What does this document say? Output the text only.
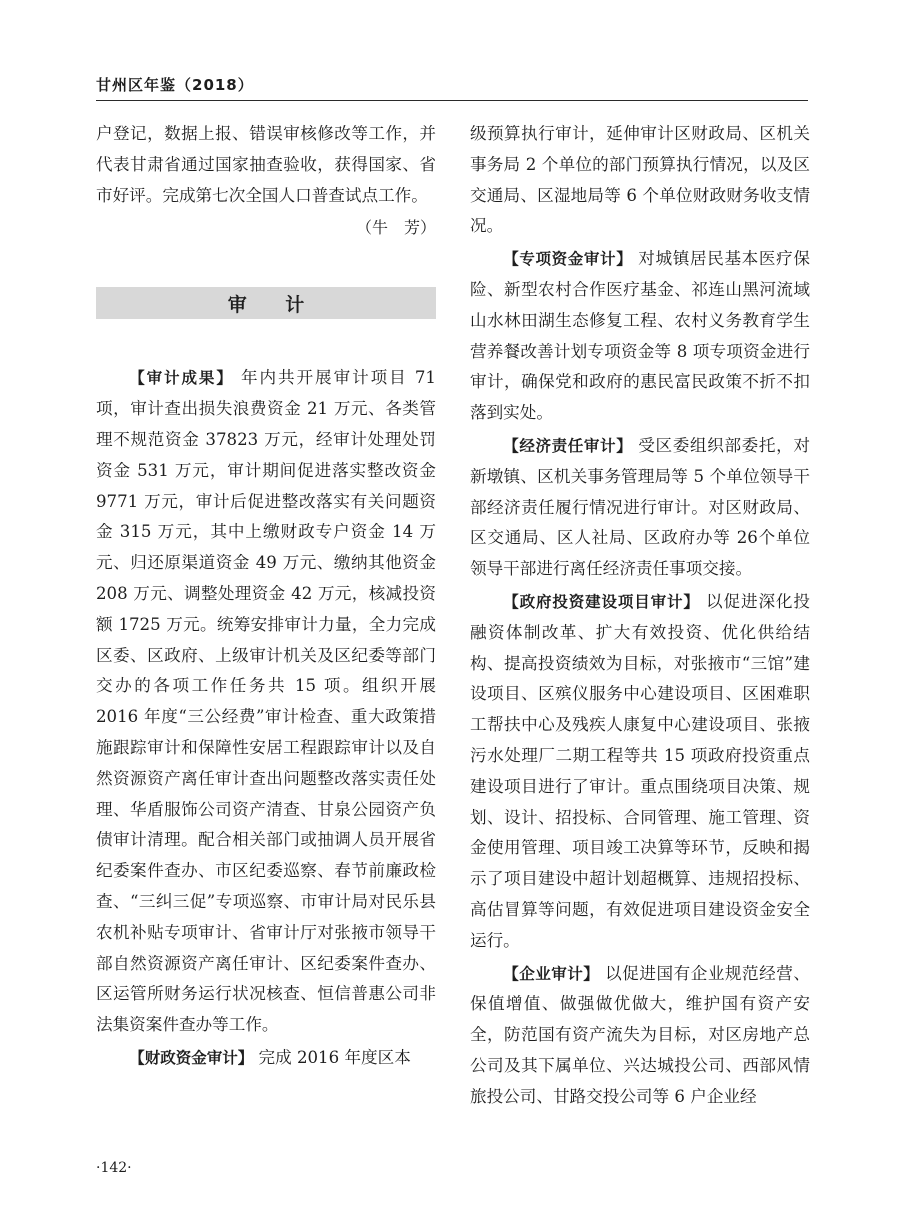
甘州区年鉴（2018）

户登记，数据上报、错误审核修改等工作，并代表甘肃省通过国家抽查验收，获得国家、省市好评。完成第七次全国人口普查试点工作。

（牛　芳）
审 计

【审计成果】 年内共开展审计项目 71 项，审计查出损失浪费资金 21 万元、各类管理不规范资金 37823 万元，经审计处理处罚资金 531 万元，审计期间促进落实整改资金 9771 万元，审计后促进整改落实有关问题资金 315 万元，其中上缴财政专户资金 14 万元、归还原渠道资金 49 万元、缴纳其他资金 208 万元、调整处理资金 42 万元，核减投资额 1725 万元。统筹安排审计力量，全力完成区委、区政府、上级审计机关及区纪委等部门交办的各项工作任务共 15 项。组织开展 2016 年度“三公经费”审计检查、重大政策措施跟踪审计和保障性安居工程跟踪审计以及自然资源资产离任审计查出问题整改落实责任处理、华盾服饰公司资产清查、甘泉公园资产负债审计清理。配合相关部门或抽调人员开展省纪委案件查办、市区纪委巡察、春节前廉政检查、“三纠三促”专项巡察、市审计局对民乐县农机补贴专项审计、省审计厅对张掖市领导干部自然资源资产离任审计、区纪委案件查办、区运管所财务运行状况核查、恒信普惠公司非法集资案件查办等工作。

【财政资金审计】 完成 2016 年度区本

级预算执行审计，延伸审计区财政局、区机关事务局 2 个单位的部门预算执行情况，以及区交通局、区湿地局等 6 个单位财政财务收支情况。

【专项资金审计】 对城镇居民基本医疗保险、新型农村合作医疗基金、祁连山黑河流域山水林田湖生态修复工程、农村义务教育学生营养餐改善计划专项资金等 8 项专项资金进行审计，确保党和政府的惠民富民政策不折不扣落到实处。

【经济责任审计】 受区委组织部委托，对新墩镇、区机关事务管理局等 5 个单位领导干部经济责任履行情况进行审计。对区财政局、区交通局、区人社局、区政府办等 26个单位领导干部进行离任经济责任事项交接。

【政府投资建设项目审计】 以促进深化投融资体制改革、扩大有效投资、优化供给结构、提高投资绩效为目标，对张掖市“三馆”建设项目、区殡仪服务中心建设项目、区困难职工帮扶中心及残疾人康复中心建设项目、张掖污水处理厂二期工程等共 15 项政府投资重点建设项目进行了审计。重点围绕项目决策、规划、设计、招投标、合同管理、施工管理、资金使用管理、项目竣工决算等环节，反映和揭示了项目建设中超计划超概算、违规招投标、高估冒算等问题，有效促进项目建设资金安全运行。

【企业审计】 以促进国有企业规范经营、保值增值、做强做优做大，维护国有资产安全，防范国有资产流失为目标，对区房地产总公司及其下属单位、兴达城投公司、西部风情旅投公司、甘路交投公司等 6 户企业经

·142·
